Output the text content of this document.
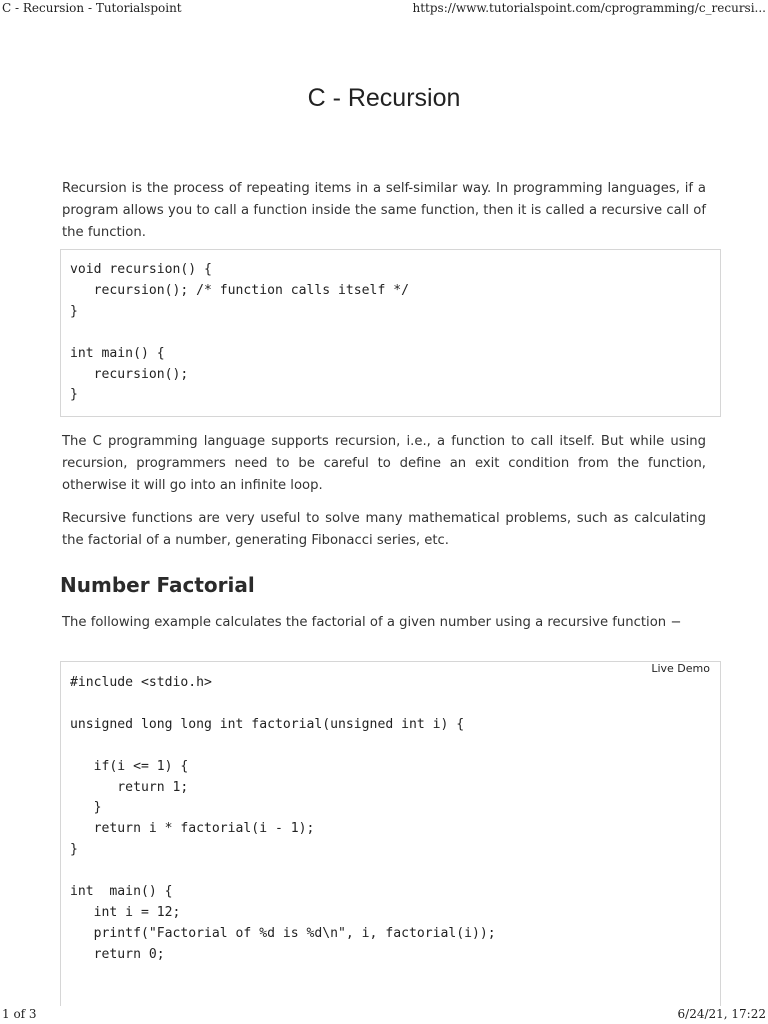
C - Recursion - Tutorialspoint	https://www.tutorialspoint.com/cprogramming/c_recursi...
C - Recursion

Recursion is the process of repeating items in a self-similar way. In programming languages, if a program allows you to call a function inside the same function, then it is called a recursive call of the function.

void recursion() {
recursion(); /* function calls itself */
}

int main() {
recursion();
}

The C programming language supports recursion, i.e., a function to call itself. But while using recursion, programmers need to be careful to define an exit condition from the function, otherwise it will go into an infinite loop.

Recursive functions are very useful to solve many mathematical problems, such as calculating the factorial of a number, generating Fibonacci series, etc.

Number Factorial

The following example calculates the factorial of a given number using a recursive function −

Live Demo
#include <stdio.h>

unsigned long long int factorial(unsigned int i) {

if(i <= 1) {
return 1;
}
return i * factorial(i - 1);
}

int  main() {
int i = 12;
printf("Factorial of %d is %d\n", i, factorial(i));
return 0;
1 of 3	6/24/21, 17:22
